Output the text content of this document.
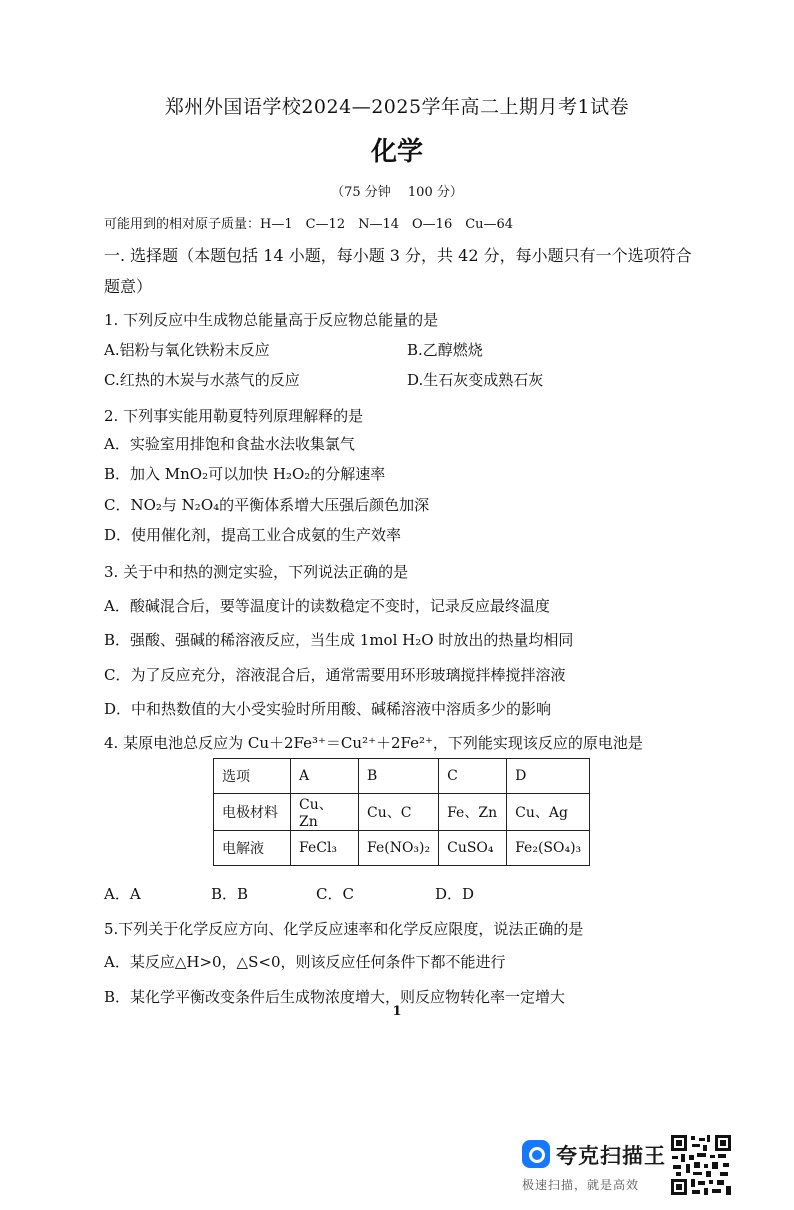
郑州外国语学校2024—2025学年高二上期月考1试卷
化学
（75 分钟　 100 分）
可能用到的相对原子质量：H—1　C—12　N—14　O—16　Cu—64
一. 选择题（本题包括 14 小题，每小题 3 分，共 42 分，每小题只有一个选项符合题意）
1. 下列反应中生成物总能量高于反应物总能量的是
A.铝粉与氧化铁粉末反应	B.乙醇燃烧
C.红热的木炭与水蒸气的反应	D.生石灰变成熟石灰
2. 下列事实能用勒夏特列原理解释的是
A．实验室用排饱和食盐水法收集氯气
B．加入 MnO₂可以加快 H₂O₂的分解速率
C．NO₂与 N₂O₄的平衡体系增大压强后颜色加深
D．使用催化剂，提高工业合成氨的生产效率
3. 关于中和热的测定实验，下列说法正确的是
A．酸碱混合后，要等温度计的读数稳定不变时，记录反应最终温度
B．强酸、强碱的稀溶液反应，当生成 1mol H₂O 时放出的热量均相同
C．为了反应充分，溶液混合后，通常需要用环形玻璃搅拌棒搅拌溶液
D．中和热数值的大小受实验时所用酸、碱稀溶液中溶质多少的影响
4. 某原电池总反应为 Cu＋2Fe³⁺＝Cu²⁺＋2Fe²⁺，下列能实现该反应的原电池是
选项	A	B	C	D
电极材料	Cu、Zn	Cu、C	Fe、Zn	Cu、Ag
电解液	FeCl₃	Fe(NO₃)₂	CuSO₄	Fe₂(SO₄)₃
A．A	B．B	C．C	D．D
5.下列关于化学反应方向、化学反应速率和化学反应限度，说法正确的是
A．某反应△H>0，△S<0，则该反应任何条件下都不能进行
B．某化学平衡改变条件后生成物浓度增大，则反应物转化率一定增大
1
夸克扫描王
极速扫描，就是高效
